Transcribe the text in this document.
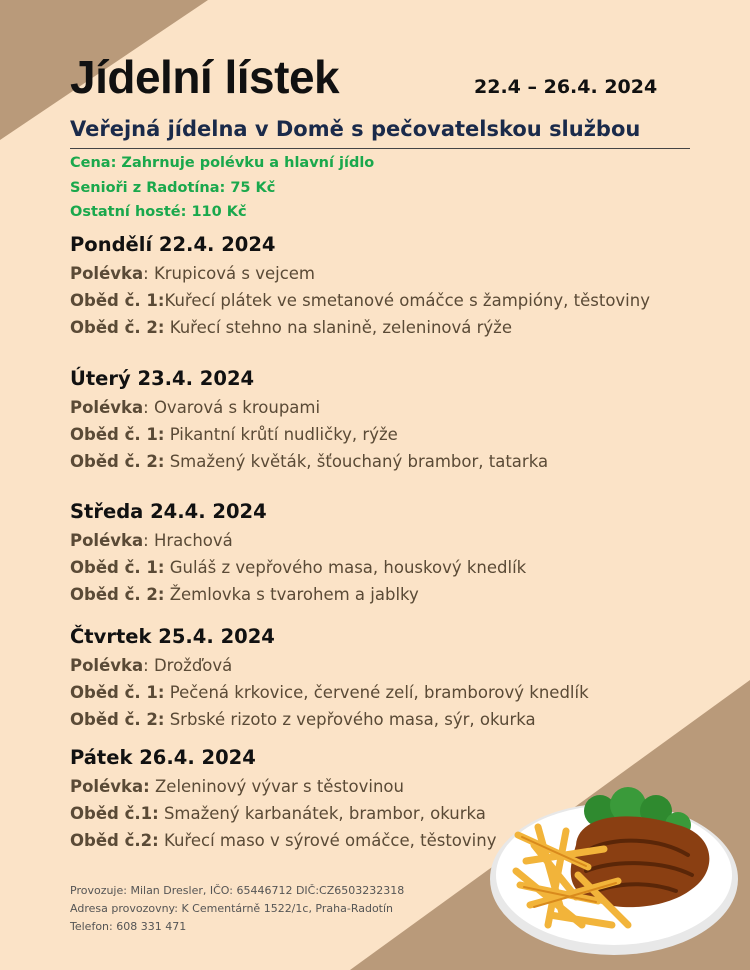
Jídelní lístek	22.4 – 26.4. 2024
Veřejná jídelna v Domě s pečovatelskou službou
Cena: Zahrnuje polévku a hlavní jídlo
Senioři z Radotína: 75 Kč
Ostatní hosté: 110 Kč
Pondělí 22.4. 2024
Polévka: Krupicová s vejcem
Oběd č. 1:Kuřecí plátek ve smetanové omáčce s žampióny, těstoviny
Oběd č. 2: Kuřecí stehno na slanině, zeleninová rýže
Úterý 23.4. 2024
Polévka: Ovarová s kroupami
Oběd č. 1: Pikantní krůtí nudličky, rýže
Oběd č. 2: Smažený květák, šťouchaný brambor, tatarka
Středa 24.4. 2024
Polévka: Hrachová
Oběd č. 1: Guláš z vepřového masa, houskový knedlík
Oběd č. 2: Žemlovka s tvarohem a jablky
Čtvrtek 25.4. 2024
Polévka: Drožďová
Oběd č. 1: Pečená krkovice, červené zelí, bramborový knedlík
Oběd č. 2: Srbské rizoto z vepřového masa, sýr, okurka
Pátek 26.4. 2024
Polévka: Zeleninový vývar s těstovinou
Oběd č.1: Smažený karbanátek, brambor, okurka
Oběd č.2: Kuřecí maso v sýrové omáčce, těstoviny
Provozuje: Milan Dresler, IČO: 65446712 DIČ:CZ6503232318
Adresa provozovny: K Cementárně 1522/1c, Praha-Radotín
Telefon: 608 331 471
